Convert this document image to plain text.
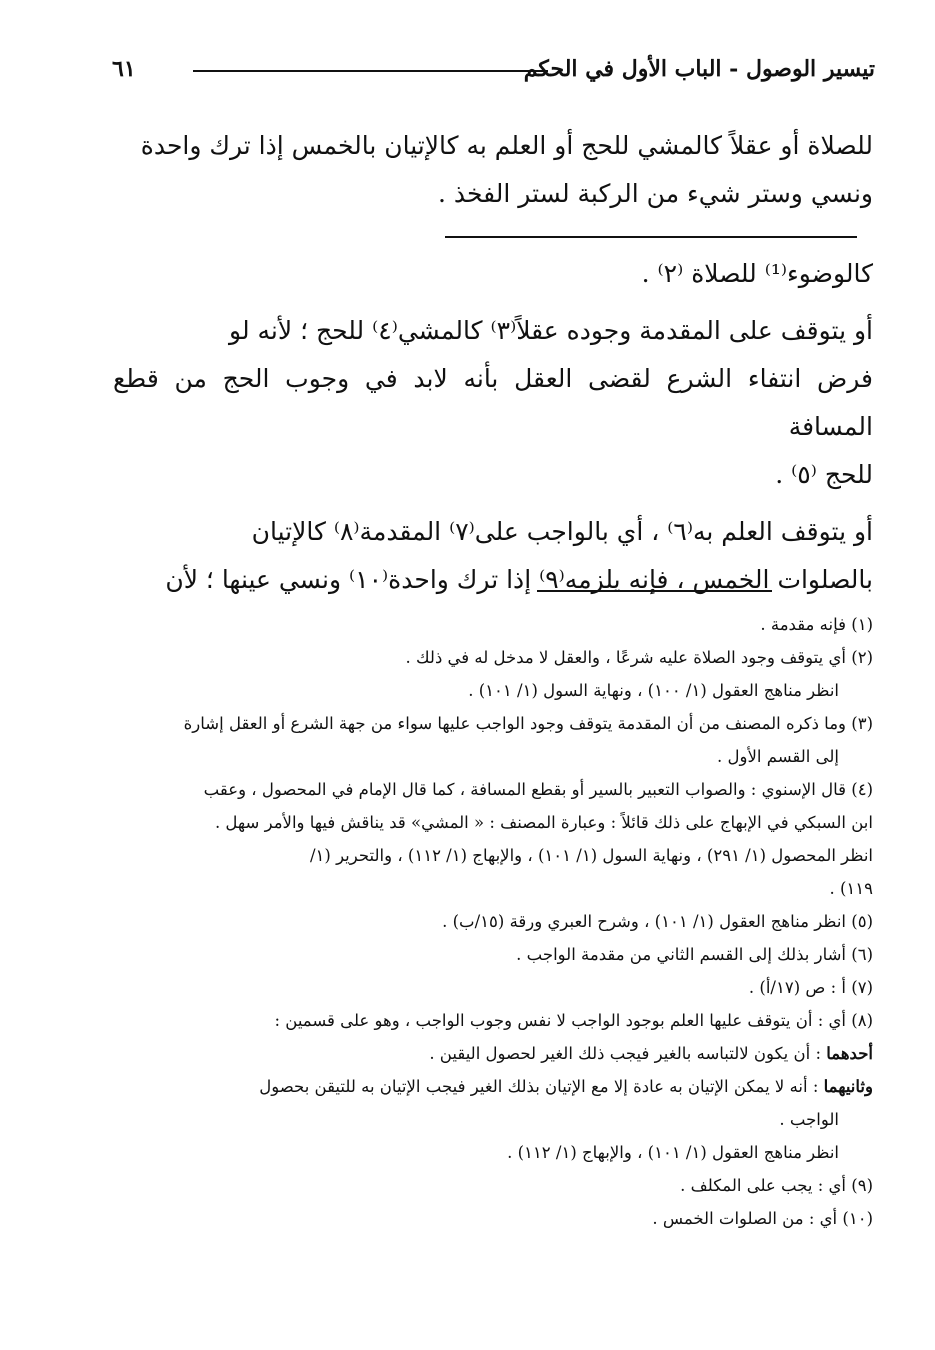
تيسير الوصول - الباب الأول في الحكم
٦١

للصلاة أو عقلاً كالمشي للحج أو العلم به كالإتيان بالخمس إذا ترك واحدة

ونسي وستر شيء من الركبة لستر الفخذ .

كالوضوء⁽¹⁾ للصلاة ⁽٢⁾ .

أو يتوقف على المقدمة وجوده عقلاً⁽٣⁾ كالمشي⁽٤⁾ للحج ؛ لأنه لو
فرض انتفاء الشرع لقضى العقل بأنه لابد في وجوب الحج من قطع المسافة
للحج ⁽٥⁾ .

أو يتوقف العلم به⁽٦⁾ ، أي بالواجب على⁽٧⁾ المقدمة⁽٨⁾ كالإتيان
بالصلوات الخمس ، فإنه يلزمه⁽٩⁾ إذا ترك واحدة⁽١٠⁾ ونسي عينها ؛ لأن

(١) فإنه مقدمة .

(٢) أي يتوقف وجود الصلاة عليه شرعًا ، والعقل لا مدخل له في ذلك .
انظر مناهج العقول (١/ ١٠٠) ، ونهاية السول (١/ ١٠١) .

(٣) وما ذكره المصنف من أن المقدمة يتوقف وجود الواجب عليها سواء من جهة الشرع أو العقل إشارة
إلى القسم الأول .

(٤) قال الإسنوي : والصواب التعبير بالسير أو بقطع المسافة ، كما قال الإمام في المحصول ، وعقب
ابن السبكي في الإبهاج على ذلك قائلاً : وعبارة المصنف : « المشي» قد يناقش فيها والأمر سهل .
انظر المحصول (١/ ٢٩١) ، ونهاية السول (١/ ١٠١) ، والإبهاج (١/ ١١٢) ، والتحرير (١/
١١٩) .

(٥) انظر مناهج العقول (١/ ١٠١) ، وشرح العبري ورقة (١٥/ب) .

(٦) أشار بذلك إلى القسم الثاني من مقدمة الواجب .

(٧) أ : ص (١٧/أ) .

(٨) أي : أن يتوقف عليها العلم بوجود الواجب لا نفس وجوب الواجب ، وهو على قسمين :
أحدهما : أن يكون لالتباسه بالغير فيجب ذلك الغير لحصول اليقين .
وثانيهما : أنه لا يمكن الإتيان به عادة إلا مع الإتيان بذلك الغير فيجب الإتيان به للتيقن بحصول
الواجب .
انظر مناهج العقول (١/ ١٠١) ، والإبهاج (١/ ١١٢) .

(٩) أي : يجب على المكلف .

(١٠) أي : من الصلوات الخمس .
